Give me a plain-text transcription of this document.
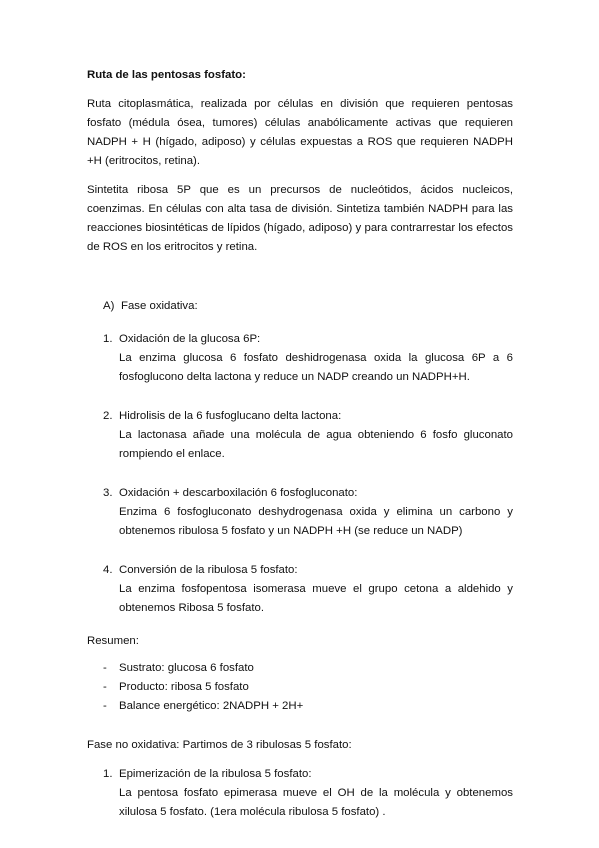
Ruta de las pentosas fosfato:

Ruta citoplasmática, realizada por células en división que requieren pentosas fosfato (médula ósea, tumores) células anabólicamente activas que requieren NADPH + H (hígado, adiposo) y células expuestas a ROS que requieren NADPH +H (eritrocitos, retina).

Sintetita ribosa 5P que es un precursos de nucleótidos, ácidos nucleicos, coenzimas. En células con alta tasa de división. Sintetiza también NADPH para las reacciones biosintéticas de lípidos (hígado, adiposo) y para contrarrestar los efectos de ROS en los eritrocitos y retina.

A) Fase oxidativa:
1. Oxidación de la glucosa 6P:
La enzima glucosa 6 fosfato deshidrogenasa oxida la glucosa 6P a 6 fosfoglucono delta lactona y reduce un NADP creando un NADPH+H.
2. Hidrolisis de la 6 fusfoglucano delta lactona:
La lactonasa añade una molécula de agua obteniendo 6 fosfo gluconato rompiendo el enlace.
3. Oxidación + descarboxilación 6 fosfogluconato:
Enzima 6 fosfogluconato deshydrogenasa oxida y elimina un carbono y obtenemos ribulosa 5 fosfato y un NADPH +H (se reduce un NADP)
4. Conversión de la ribulosa 5 fosfato:
La enzima fosfopentosa isomerasa mueve el grupo cetona a aldehido y obtenemos Ribosa 5 fosfato.
Resumen:
-	Sustrato: glucosa 6 fosfato
-	Producto: ribosa 5 fosfato
-	Balance energético: 2NADPH + 2H+
Fase no oxidativa: Partimos de 3 ribulosas 5 fosfato:
1. Epimerización de la ribulosa 5 fosfato:
La pentosa fosfato epimerasa mueve el OH de la molécula y obtenemos xilulosa 5 fosfato. (1era molécula ribulosa 5 fosfato) .
